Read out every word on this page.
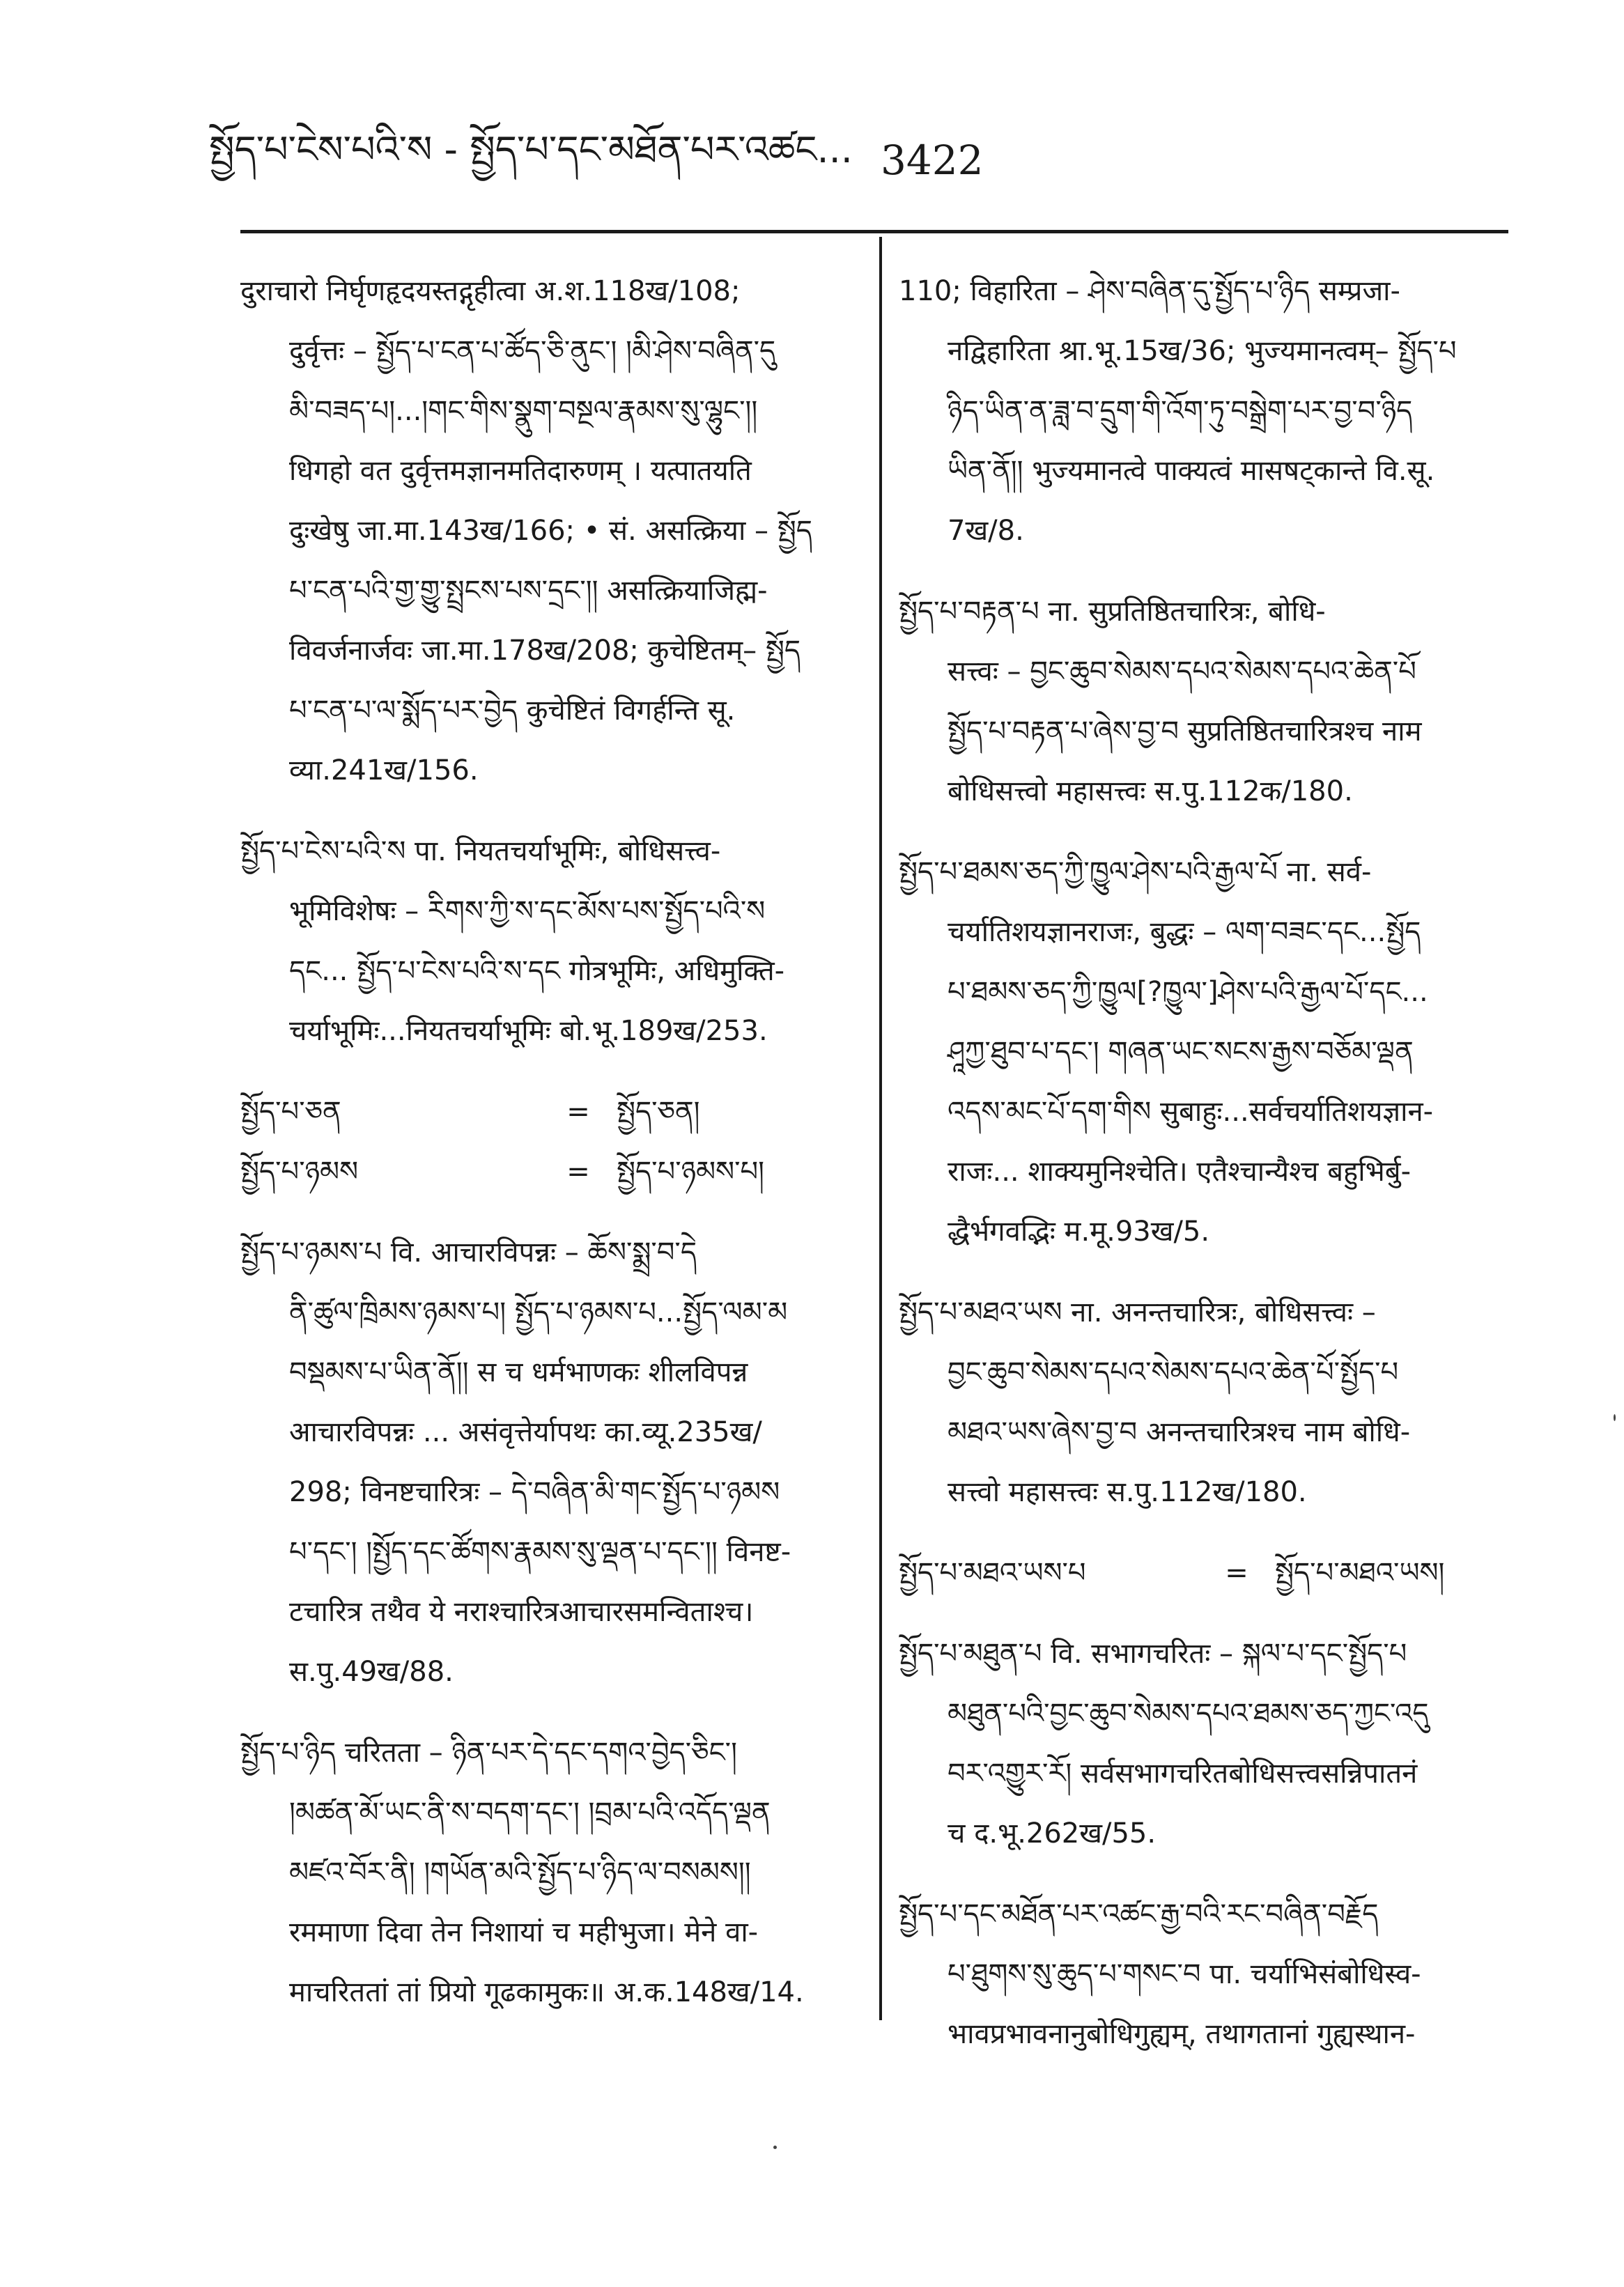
སྤྱོད་པ་ངེས་པའི་ས - སྤྱོད་པ་དང་མཐོན་པར་འཚང... 3422
दुराचारो निर्घृणहृदयस्तद्गृहीत्वा अ.श.118ख/108;
दुर्वृत्तः – སྤྱོད་པ་ངན་པ་ཚོད་ཅི་ནུང་། །མི་ཤེས་བཞིན་དུ
མི་བཟད་པ།...།གང་གིས་སྣུག་བསྔལ་རྣམས་སུ་ལྷུང་།།
धिगहो वत दुर्वृत्तमज्ञानमतिदारुणम् । यत्पातयति
दुःखेषु जा.मा.143ख/166; • सं. असत्क्रिया – སྤྱོད
པ་ངན་པའི་གྱ་གྱུ་སྤྲངས་པས་དྲང་།། असत्क्रियाजिह्म-
विवर्जनार्जवः जा.मा.178ख/208; कुचेष्टितम्– སྤྱོད
པ་ངན་པ་ལ་སྨོད་པར་བྱེད कुचेष्टितं विगर्हन्ति सू.
व्या.241ख/156.
སྤྱོད་པ་ངེས་པའི་ས पा. नियतचर्याभूमिः, बोधिसत्त्व-
भूमिविशेषः – རིགས་ཀྱི་ས་དང་མོས་པས་སྤྱོད་པའི་ས
དང... སྤྱོད་པ་ངེས་པའི་ས་དང गोत्रभूमिः, अधिमुक्ति-
चर्याभूमिः...नियतचर्याभूमिः बो.भू.189ख/253.
སྤྱོད་པ་ཅན	= སྤྱོད་ཅན།
སྤྱོད་པ་ཉམས	= སྤྱོད་པ་ཉམས་པ།
སྤྱོད་པ་ཉམས་པ वि. आचारविपन्नः – ཆོས་སྨྲ་བ་དེ
ནི་ཚུལ་ཁྲིམས་ཉམས་པ། སྤྱོད་པ་ཉམས་པ...སྤྱོད་ལམ་མ
བསྡམས་པ་ཡིན་ནོ།། स च धर्मभाणकः शीलविपन्न
आचारविपन्नः ... असंवृत्तेर्यापथः का.व्यू.235ख/
298; विनष्टचारित्रः – དེ་བཞིན་མི་གང་སྤྱོད་པ་ཉམས
པ་དང་། །སྤྱོད་དང་ཚོགས་རྣམས་སུ་ལྡན་པ་དང་།། विनष्ट-
टचारित्र तथैव ये नराश्चारित्रआचारसमन्विताश्च।
स.पु.49ख/88.
སྤྱོད་པ་ཉིད चरितता – ཉིན་པར་དེ་དང་དགའ་བྱེད་ཅིང་།
།མཚན་མོ་ཡང་ནི་ས་བདག་དང་། །བྲམ་པའི་འདོད་ལྡན
མཛའ་བོར་ནི། །གཡོན་མའི་སྤྱོད་པ་ཉིད་ལ་བསམས།།
रममाणा दिवा तेन निशायां च महीभुजा। मेने वा-
माचरिततां तां प्रियो गूढकामुकः॥ अ.क.148ख/14.
110; विहारिता – ཤེས་བཞིན་དུ་སྤྱོད་པ་ཉིད सम्प्रजा-
नद्विहारिता श्रा.भू.15ख/36; भुज्यमानत्वम्– སྤྱོད་པ
ཉིད་ཡིན་ན་ཟླ་བ་དྲུག་གི་འོག་ཏུ་བསྒྲེག་པར་བྱ་བ་ཉིད
ཡིན་ནོ།། भुज्यमानत्वे पाक्यत्वं मासषट्कान्ते वि.सू.
7ख/8.
སྤྱོད་པ་བརྟན་པ ना. सुप्रतिष्ठितचारित्रः, बोधि-
सत्त्वः – བྱང་ཆུབ་སེམས་དཔའ་སེམས་དཔའ་ཆེན་པོ
སྤྱོད་པ་བརྟན་པ་ཞེས་བྱ་བ सुप्रतिष्ठितचारित्रश्च नाम
बोधिसत्त्वो महासत्त्वः स.पु.112क/180.
སྤྱོད་པ་ཐམས་ཅད་ཀྱི་ཁྱུལ་ཤེས་པའི་རྒྱལ་པོ ना. सर्व-
चर्यातिशयज्ञानराजः, बुद्धः – ལག་བཟང་དང...སྤྱོད
པ་ཐམས་ཅད་ཀྱི་ཁྱུལ[?ཁྱུལ་]ཤེས་པའི་རྒྱལ་པོ་དང...
ཤཱཀྱ་ཐུབ་པ་དང་། གཞན་ཡང་སངས་རྒྱས་བཅོམ་ལྡན
འདས་མང་པོ་དག་གིས सुबाहुः...सर्वचर्यातिशयज्ञान-
राजः... शाक्यमुनिश्चेति। एतैश्चान्यैश्च बहुभिर्बु-
द्धैर्भगवद्भिः म.मू.93ख/5.
སྤྱོད་པ་མཐའ་ཡས ना. अनन्तचारित्रः, बोधिसत्त्वः –
བྱང་ཆུབ་སེམས་དཔའ་སེམས་དཔའ་ཆེན་པོ་སྤྱོད་པ
མཐའ་ཡས་ཞེས་བྱ་བ अनन्तचारित्रश्च नाम बोधि-
सत्त्वो महासत्त्वः स.पु.112ख/180.
སྤྱོད་པ་མཐའ་ཡས་པ	= སྤྱོད་པ་མཐའ་ཡས།
སྤྱོད་པ་མཐུན་པ वि. सभागचरितः – སྐལ་པ་དང་སྤྱོད་པ
མཐུན་པའི་བྱང་ཆུབ་སེམས་དཔའ་ཐམས་ཅད་ཀྱང་འདུ
བར་འགྱུར་རོ། सर्वसभागचरितबोधिसत्त्वसन्निपातनं
च द.भू.262ख/55.
སྤྱོད་པ་དང་མཐོན་པར་འཚང་རྒྱ་བའི་རང་བཞིན་བརྗོད
པ་ཐུགས་སུ་ཆུད་པ་གསང་བ पा. चर्याभिसंबोधिस्व-
भावप्रभावनानुबोधिगुह्यम्, तथागतानां गुह्यस्थान-
